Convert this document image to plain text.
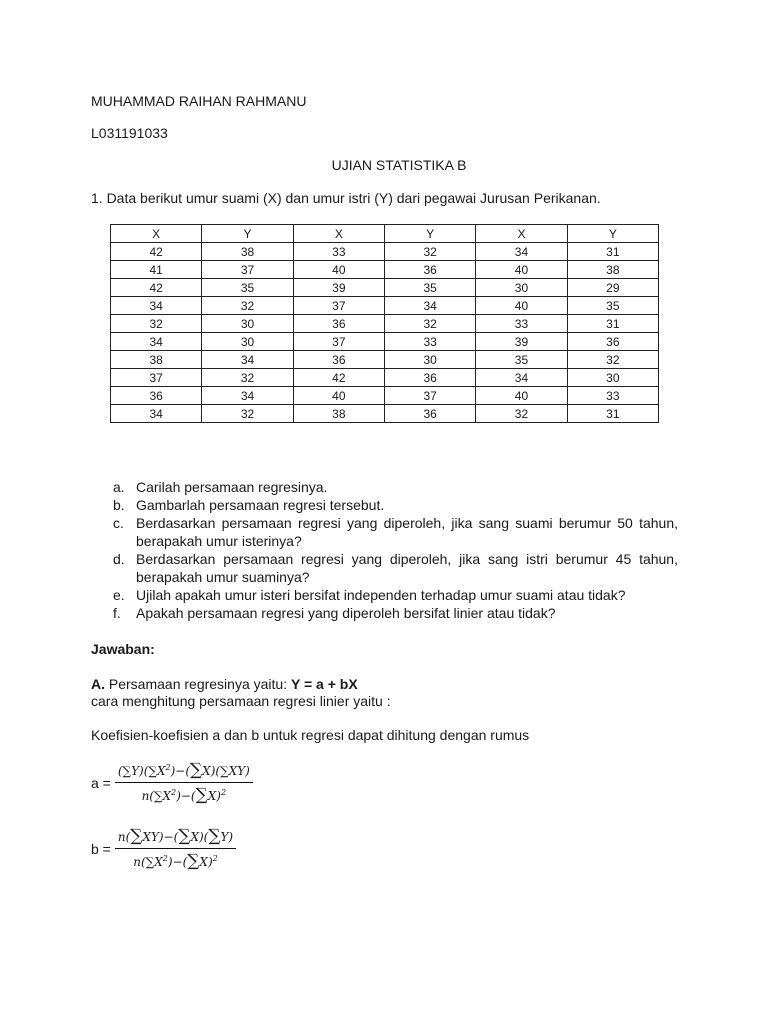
MUHAMMAD RAIHAN RAHMANU
L031191033
UJIAN STATISTIKA B
1. Data berikut umur suami (X) dan umur istri (Y) dari pegawai Jurusan Perikanan.
X	Y	X	Y	X	Y
42	38	33	32	34	31
41	37	40	36	40	38
42	35	39	35	30	29
34	32	37	34	40	35
32	30	36	32	33	31
34	30	37	33	39	36
38	34	36	30	35	32
37	32	42	36	34	30
36	34	40	37	40	33
34	32	38	36	32	31
a. Carilah persamaan regresinya.
b. Gambarlah persamaan regresi tersebut.
c. Berdasarkan persamaan regresi yang diperoleh, jika sang suami berumur 50 tahun, berapakah umur isterinya?
d. Berdasarkan persamaan regresi yang diperoleh, jika sang istri berumur 45 tahun, berapakah umur suaminya?
e. Ujilah apakah umur isteri bersifat independen terhadap umur suami atau tidak?
f.	Apakah persamaan regresi yang diperoleh bersifat linier atau tidak?
Jawaban:
A. Persamaan regresinya yaitu: Y = a + bX
cara menghitung persamaan regresi linier yaitu :
Koefisien-koefisien a dan b untuk regresi dapat dihitung dengan rumus
$a = \frac{(\sum Y)(\sum X^2)-(\sum X)(\sum XY)}{n(\sum X^2)-(\sum X)^2}$
$b = \frac{n(\sum XY)-(\sum X)(\sum Y)}{n(\sum X^2)-(\sum X)^2}$
